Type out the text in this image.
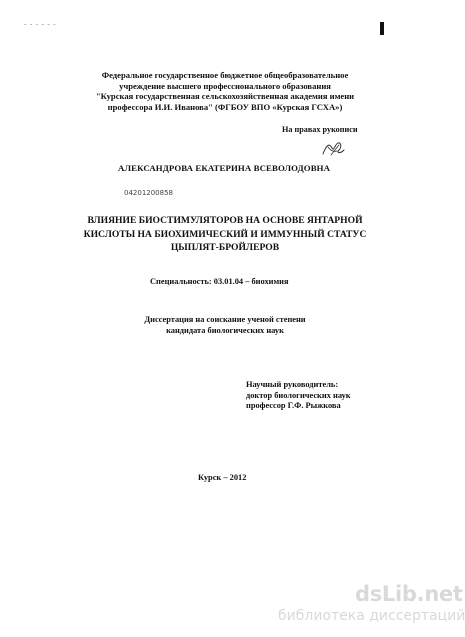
~ ~ ~ ~ ~ ~
Федеральное государственное бюджетное общеобразовательное
учреждение высшего профессионального образования
"Курская государственная сельскохозяйственная академия имени
профессора И.И. Иванова" (ФГБОУ ВПО «Курская ГСХА»)
На правах рукописи
АЛЕКСАНДРОВА ЕКАТЕРИНА ВСЕВОЛОДОВНА
04201200858
ВЛИЯНИЕ БИОСТИМУЛЯТОРОВ НА ОСНОВЕ ЯНТАРНОЙ
КИСЛОТЫ НА БИОХИМИЧЕСКИЙ И ИММУННЫЙ СТАТУС
ЦЫПЛЯТ-БРОЙЛЕРОВ
Специальность: 03.01.04 – биохимия
Диссертация на соискание ученой степени
кандидата биологических наук
Научный руководитель:
доктор биологических наук
профессор Г.Ф. Рыжкова
Курск – 2012
dsLib.net
библиотека диссертаций
